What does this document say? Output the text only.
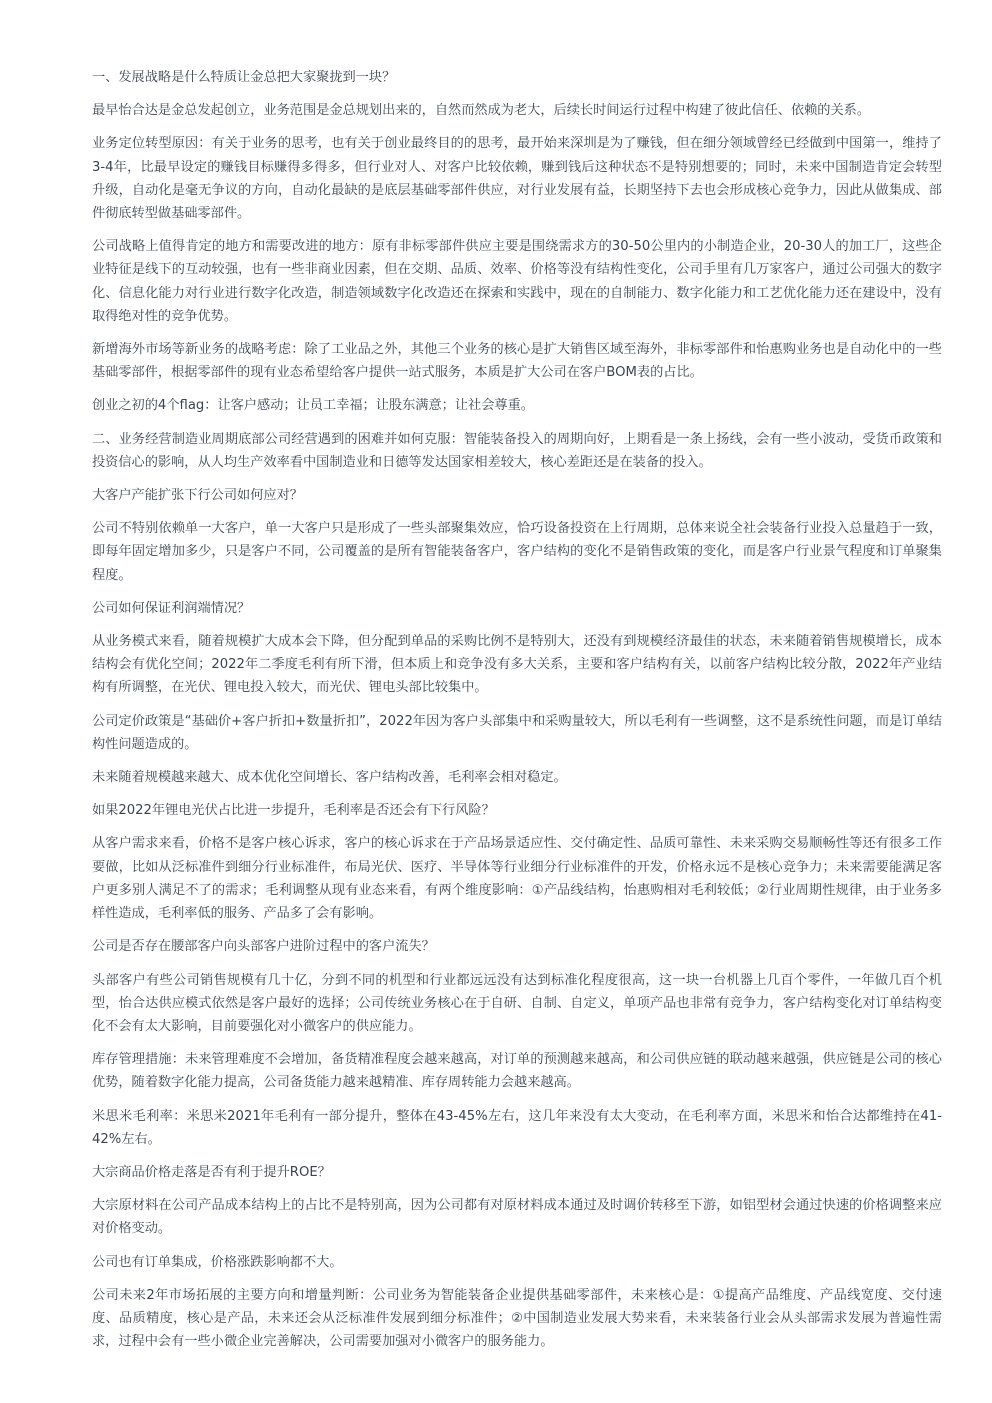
一、发展战略是什么特质让金总把大家聚拢到一块？

最早怡合达是金总发起创立，业务范围是金总规划出来的，自然而然成为老大，后续长时间运行过程中构建了彼此信任、依赖的关系。

业务定位转型原因：有关于业务的思考，也有关于创业最终目的的思考，最开始来深圳是为了赚钱，但在细分领域曾经已经做到中国第一，维持了3-4年，比最早设定的赚钱目标赚得多得多，但行业对人、对客户比较依赖，赚到钱后这种状态不是特别想要的；同时，未来中国制造肯定会转型升级，自动化是毫无争议的方向，自动化最缺的是底层基础零部件供应，对行业发展有益，长期坚持下去也会形成核心竞争力，因此从做集成、部件彻底转型做基础零部件。

公司战略上值得肯定的地方和需要改进的地方：原有非标零部件供应主要是围绕需求方的30-50公里内的小制造企业，20-30人的加工厂，这些企业特征是线下的互动较强，也有一些非商业因素，但在交期、品质、效率、价格等没有结构性变化，公司手里有几万家客户，通过公司强大的数字化、信息化能力对行业进行数字化改造，制造领域数字化改造还在探索和实践中，现在的自制能力、数字化能力和工艺优化能力还在建设中，没有取得绝对性的竞争优势。

新增海外市场等新业务的战略考虑：除了工业品之外，其他三个业务的核心是扩大销售区域至海外，非标零部件和怡惠购业务也是自动化中的一些基础零部件，根据零部件的现有业态希望给客户提供一站式服务，本质是扩大公司在客户BOM表的占比。

创业之初的4个flag：让客户感动；让员工幸福；让股东满意；让社会尊重。

二、业务经营制造业周期底部公司经营遇到的困难并如何克服：智能装备投入的周期向好，上期看是一条上扬线，会有一些小波动，受货币政策和投资信心的影响，从人均生产效率看中国制造业和日德等发达国家相差较大，核心差距还是在装备的投入。

大客户产能扩张下行公司如何应对？

公司不特别依赖单一大客户，单一大客户只是形成了一些头部聚集效应，恰巧设备投资在上行周期，总体来说全社会装备行业投入总量趋于一致，即每年固定增加多少，只是客户不同，公司覆盖的是所有智能装备客户，客户结构的变化不是销售政策的变化，而是客户行业景气程度和订单聚集程度。

公司如何保证利润端情况？

从业务模式来看，随着规模扩大成本会下降，但分配到单品的采购比例不是特别大，还没有到规模经济最佳的状态，未来随着销售规模增长，成本结构会有优化空间；2022年二季度毛利有所下滑，但本质上和竞争没有多大关系，主要和客户结构有关，以前客户结构比较分散，2022年产业结构有所调整，在光伏、锂电投入较大，而光伏、锂电头部比较集中。

公司定价政策是“基础价+客户折扣+数量折扣”，2022年因为客户头部集中和采购量较大，所以毛利有一些调整，这不是系统性问题，而是订单结构性问题造成的。

未来随着规模越来越大、成本优化空间增长、客户结构改善，毛利率会相对稳定。

如果2022年锂电光伏占比进一步提升，毛利率是否还会有下行风险？

从客户需求来看，价格不是客户核心诉求，客户的核心诉求在于产品场景适应性、交付确定性、品质可靠性、未来采购交易顺畅性等还有很多工作要做，比如从泛标准件到细分行业标准件，布局光伏、医疗、半导体等行业细分行业标准件的开发，价格永远不是核心竞争力；未来需要能满足客户更多别人满足不了的需求；毛利调整从现有业态来看，有两个维度影响：①产品线结构，怡惠购相对毛利较低；②行业周期性规律，由于业务多样性造成，毛利率低的服务、产品多了会有影响。

公司是否存在腰部客户向头部客户进阶过程中的客户流失？

头部客户有些公司销售规模有几十亿，分到不同的机型和行业都远远没有达到标准化程度很高，这一块一台机器上几百个零件，一年做几百个机型，怡合达供应模式依然是客户最好的选择；公司传统业务核心在于自研、自制、自定义，单项产品也非常有竞争力，客户结构变化对订单结构变化不会有太大影响，目前要强化对小微客户的供应能力。

库存管理措施：未来管理难度不会增加，备货精准程度会越来越高，对订单的预测越来越高，和公司供应链的联动越来越强，供应链是公司的核心优势，随着数字化能力提高，公司备货能力越来越精准、库存周转能力会越来越高。

米思米毛利率：米思米2021年毛利有一部分提升，整体在43-45%左右，这几年来没有太大变动，在毛利率方面，米思米和怡合达都维持在41-42%左右。

大宗商品价格走落是否有利于提升ROE？

大宗原材料在公司产品成本结构上的占比不是特别高，因为公司都有对原材料成本通过及时调价转移至下游，如铝型材会通过快速的价格调整来应对价格变动。

公司也有订单集成，价格涨跌影响都不大。

公司未来2年市场拓展的主要方向和增量判断：公司业务为智能装备企业提供基础零部件，未来核心是：①提高产品维度、产品线宽度、交付速度、品质精度，核心是产品，未来还会从泛标准件发展到细分标准件；②中国制造业发展大势来看，未来装备行业会从头部需求发展为普遍性需求，过程中会有一些小微企业完善解决，公司需要加强对小微客户的服务能力。
